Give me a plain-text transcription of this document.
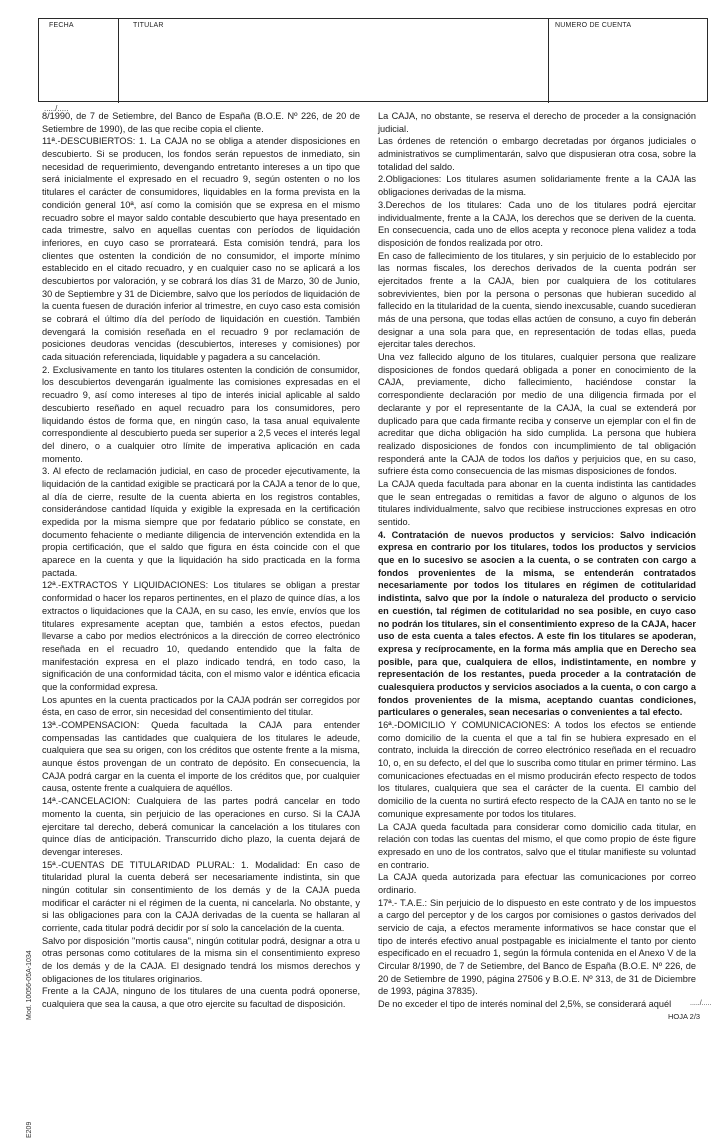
FECHA	TITULAR	NUMERO DE CUENTA
...../.....

8/1990, de 7 de Setiembre, del Banco de España (B.O.E. Nº 226, de 20 de Setiembre de 1990), de las que recibe copia el cliente.

11ª.-DESCUBIERTOS: 1. La CAJA no se obliga a atender disposiciones en descubierto. Si se producen, los fondos serán repuestos de inmediato, sin necesidad de requerimiento, devengando entretanto intereses a un tipo que será inicialmente el expresado en el recuadro 9, según ostenten o no los titulares el carácter de consumidores, liquidables en la forma prevista en la condición general 10ª, así como la comisión que se expresa en el mismo recuadro sobre el mayor saldo contable descubierto que haya presentado en cada trimestre, salvo en aquellas cuentas con períodos de liquidación inferiores, en cuyo caso se prorrateará. Esta comisión tendrá, para los clientes que ostenten la condición de no consumidor, el importe mínimo establecido en el citado recuadro, y en cualquier caso no se aplicará a los descubiertos por valoración, y se cobrará los días 31 de Marzo, 30 de Junio, 30 de Septiembre y 31 de Diciembre, salvo que los períodos de liquidación de la cuenta fuesen de duración inferior al trimestre, en cuyo caso esta comisión se cobrará el último día del período de liquidación en cuestión. También devengará la comisión reseñada en el recuadro 9 por reclamación de posiciones deudoras vencidas (descubiertos, intereses y comisiones) por cada situación referenciada, liquidable y pagadera a su cancelación.

2. Exclusivamente en tanto los titulares ostenten la condición de consumidor, los descubiertos devengarán igualmente las comisiones expresadas en el recuadro 9, así como intereses al tipo de interés inicial aplicable al saldo descubierto reseñado en aquel recuadro para los consumidores, pero liquidando éstos de forma que, en ningún caso, la tasa anual equivalente correspondiente al descubierto pueda ser superior a 2,5 veces el interés legal del dinero, o a cualquier otro límite de imperativa aplicación en cada momento.

3. Al efecto de reclamación judicial, en caso de proceder ejecutivamente, la liquidación de la cantidad exigible se practicará por la CAJA a tenor de lo que, al día de cierre, resulte de la cuenta abierta en los registros contables, considerándose cantidad líquida y exigible la expresada en la certificación expedida por la misma siempre que por fedatario público se constate, en documento fehaciente o mediante diligencia de intervención extendida en la propia certificación, que el saldo que figura en ésta coincide con el que aparece en la cuenta y que la liquidación ha sido practicada en la forma pactada.

12ª.-EXTRACTOS Y LIQUIDACIONES: Los titulares se obligan a prestar conformidad o hacer los reparos pertinentes, en el plazo de quince días, a los extractos o liquidaciones que la CAJA, en su caso, les envíe, envíos que los titulares expresamente aceptan que, también a estos efectos, puedan llevarse a cabo por medios electrónicos a la dirección de correo electrónico reseñada en el recuadro 10, quedando entendido que la falta de manifestación expresa en el plazo indicado tendrá, en todo caso, la significación de una conformidad tácita, con el mismo valor e idéntica eficacia que la conformidad expresa.

Los apuntes en la cuenta practicados por la CAJA podrán ser corregidos por ésta, en caso de error, sin necesidad del consentimiento del titular.

13ª.-COMPENSACION: Queda facultada la CAJA para entender compensadas las cantidades que cualquiera de los titulares le adeude, cualquiera que sea su origen, con los créditos que ostente frente a la misma, aunque éstos provengan de un contrato de depósito. En consecuencia, la CAJA podrá cargar en la cuenta el importe de los créditos que, por cualquier causa, ostente frente a cualquiera de aquéllos.

14ª.-CANCELACION: Cualquiera de las partes podrá cancelar en todo momento la cuenta, sin perjuicio de las operaciones en curso. Si la CAJA ejercitare tal derecho, deberá comunicar la cancelación a los titulares con quince días de anticipación. Transcurrido dicho plazo, la cuenta dejará de devengar intereses.

15ª.-CUENTAS DE TITULARIDAD PLURAL: 1. Modalidad: En caso de titularidad plural la cuenta deberá ser necesariamente indistinta, sin que ningún cotitular sin consentimiento de los demás y de la CAJA pueda modificar el carácter ni el régimen de la cuenta, ni cancelarla. No obstante, y si las obligaciones para con la CAJA derivadas de la cuenta se hallaran al corriente, cada titular podrá decidir por sí solo la cancelación de la cuenta.

Salvo por disposición "mortis causa", ningún cotitular podrá, designar a otra u otras personas como cotitulares de la misma sin el consentimiento expreso de los demás y de la CAJA. El designado tendrá los mismos derechos y obligaciones de los titulares originarios.

Frente a la CAJA, ninguno de los titulares de una cuenta podrá oponerse, cualquiera que sea la causa, a que otro ejercite su facultad de disposición.

La CAJA, no obstante, se reserva el derecho de proceder a la consignación judicial.

Las órdenes de retención o embargo decretadas por órganos judiciales o administrativos se cumplimentarán, salvo que dispusieran otra cosa, sobre la totalidad del saldo.

2.Obligaciones: Los titulares asumen solidariamente frente a la CAJA las obligaciones derivadas de la misma.

3.Derechos de los titulares: Cada uno de los titulares podrá ejercitar individualmente, frente a la CAJA, los derechos que se deriven de la cuenta. En consecuencia, cada uno de ellos acepta y reconoce plena validez a toda disposición de fondos realizada por otro.

En caso de fallecimiento de los titulares, y sin perjuicio de lo establecido por las normas fiscales, los derechos derivados de la cuenta podrán ser ejercitados frente a la CAJA, bien por cualquiera de los cotitulares sobrevivientes, bien por la persona o personas que hubieran sucedido al fallecido en la titularidad de la cuenta, siendo inexcusable, cuando sucedieran más de una persona, que todas ellas actúen de consuno, a cuyo fin deberán designar a una sola para que, en representación de todas ellas, pueda ejercitar tales derechos.

Una vez fallecido alguno de los titulares, cualquier persona que realizare disposiciones de fondos quedará obligada a poner en conocimiento de la CAJA, previamente, dicho fallecimiento, haciéndose constar la correspondiente declaración por medio de una diligencia firmada por el declarante y por el representante de la CAJA, la cual se extenderá por duplicado para que cada firmante reciba y conserve un ejemplar con el fin de acreditar que dicha obligación ha sido cumplida. La persona que hubiera realizado disposiciones de fondos con incumplimiento de tal obligación responderá ante la CAJA de todos los daños y perjuicios que, en su caso, sufriere ésta como consecuencia de las mismas disposiciones de fondos.

La CAJA queda facultada para abonar en la cuenta indistinta las cantidades que le sean entregadas o remitidas a favor de alguno o algunos de los titulares individualmente, salvo que recibiese instrucciones expresas en otro sentido.

4. Contratación de nuevos productos y servicios: Salvo indicación expresa en contrario por los titulares, todos los productos y servicios que en lo sucesivo se asocien a la cuenta, o se contraten con cargo a fondos provenientes de la misma, se entenderán contratados necesariamente por todos los titulares en régimen de cotitularidad indistinta, salvo que por la índole o naturaleza del producto o servicio en cuestión, tal régimen de cotitularidad no sea posible, en cuyo caso no podrán los titulares, sin el consentimiento expreso de la CAJA, hacer uso de esta cuenta a tales efectos. A este fin los titulares se apoderan, expresa y recíprocamente, en la forma más amplia que en Derecho sea posible, para que, cualquiera de ellos, indistintamente, en nombre y representación de los restantes, pueda proceder a la contratación de cualesquiera productos y servicios asociados a la cuenta, o con cargo a fondos provenientes de la misma, aceptando cuantas condiciones, particulares o generales, sean necesarias o convenientes a tal efecto.

16ª.-DOMICILIO Y COMUNICACIONES: A todos los efectos se entiende como domicilio de la cuenta el que a tal fin se hubiera expresado en el contrato, incluida la dirección de correo electrónico reseñada en el recuadro 10, o, en su defecto, el del que lo suscriba como titular en primer término. Las comunicaciones efectuadas en el mismo producirán efecto respecto de todos los titulares, cualquiera que sea el carácter de la cuenta. El cambio del domicilio de la cuenta no surtirá efecto respecto de la CAJA en tanto no se le comunique expresamente por todos los titulares.

La CAJA queda facultada para considerar como domicilio cada titular, en relación con todas las cuentas del mismo, el que como propio de éste figure expresado en uno de los contratos, salvo que el titular manifieste su voluntad en contrario.

La CAJA queda autorizada para efectuar las comunicaciones por correo ordinario.

17ª.- T.A.E.: Sin perjuicio de lo dispuesto en este contrato y de los impuestos a cargo del perceptor y de los cargos por comisiones o gastos derivados del servicio de caja, a efectos meramente informativos se hace constar que el tipo de interés efectivo anual postpagable es inicialmente el tanto por ciento especificado en el recuadro 1, según la fórmula contenida en el Anexo V de la Circular 8/1990, de 7 de Setiembre, del Banco de España (B.O.E. Nº 226, de 20 de Setiembre de 1990, página 27506 y B.O.E. Nº 313, de 31 de Diciembre de 1993, página 37835).

De no exceder el tipo de interés nominal del 2,5%, se considerará aquél

Mod. 10056-05A-1034
E209
...../.....
HOJA 2/3
